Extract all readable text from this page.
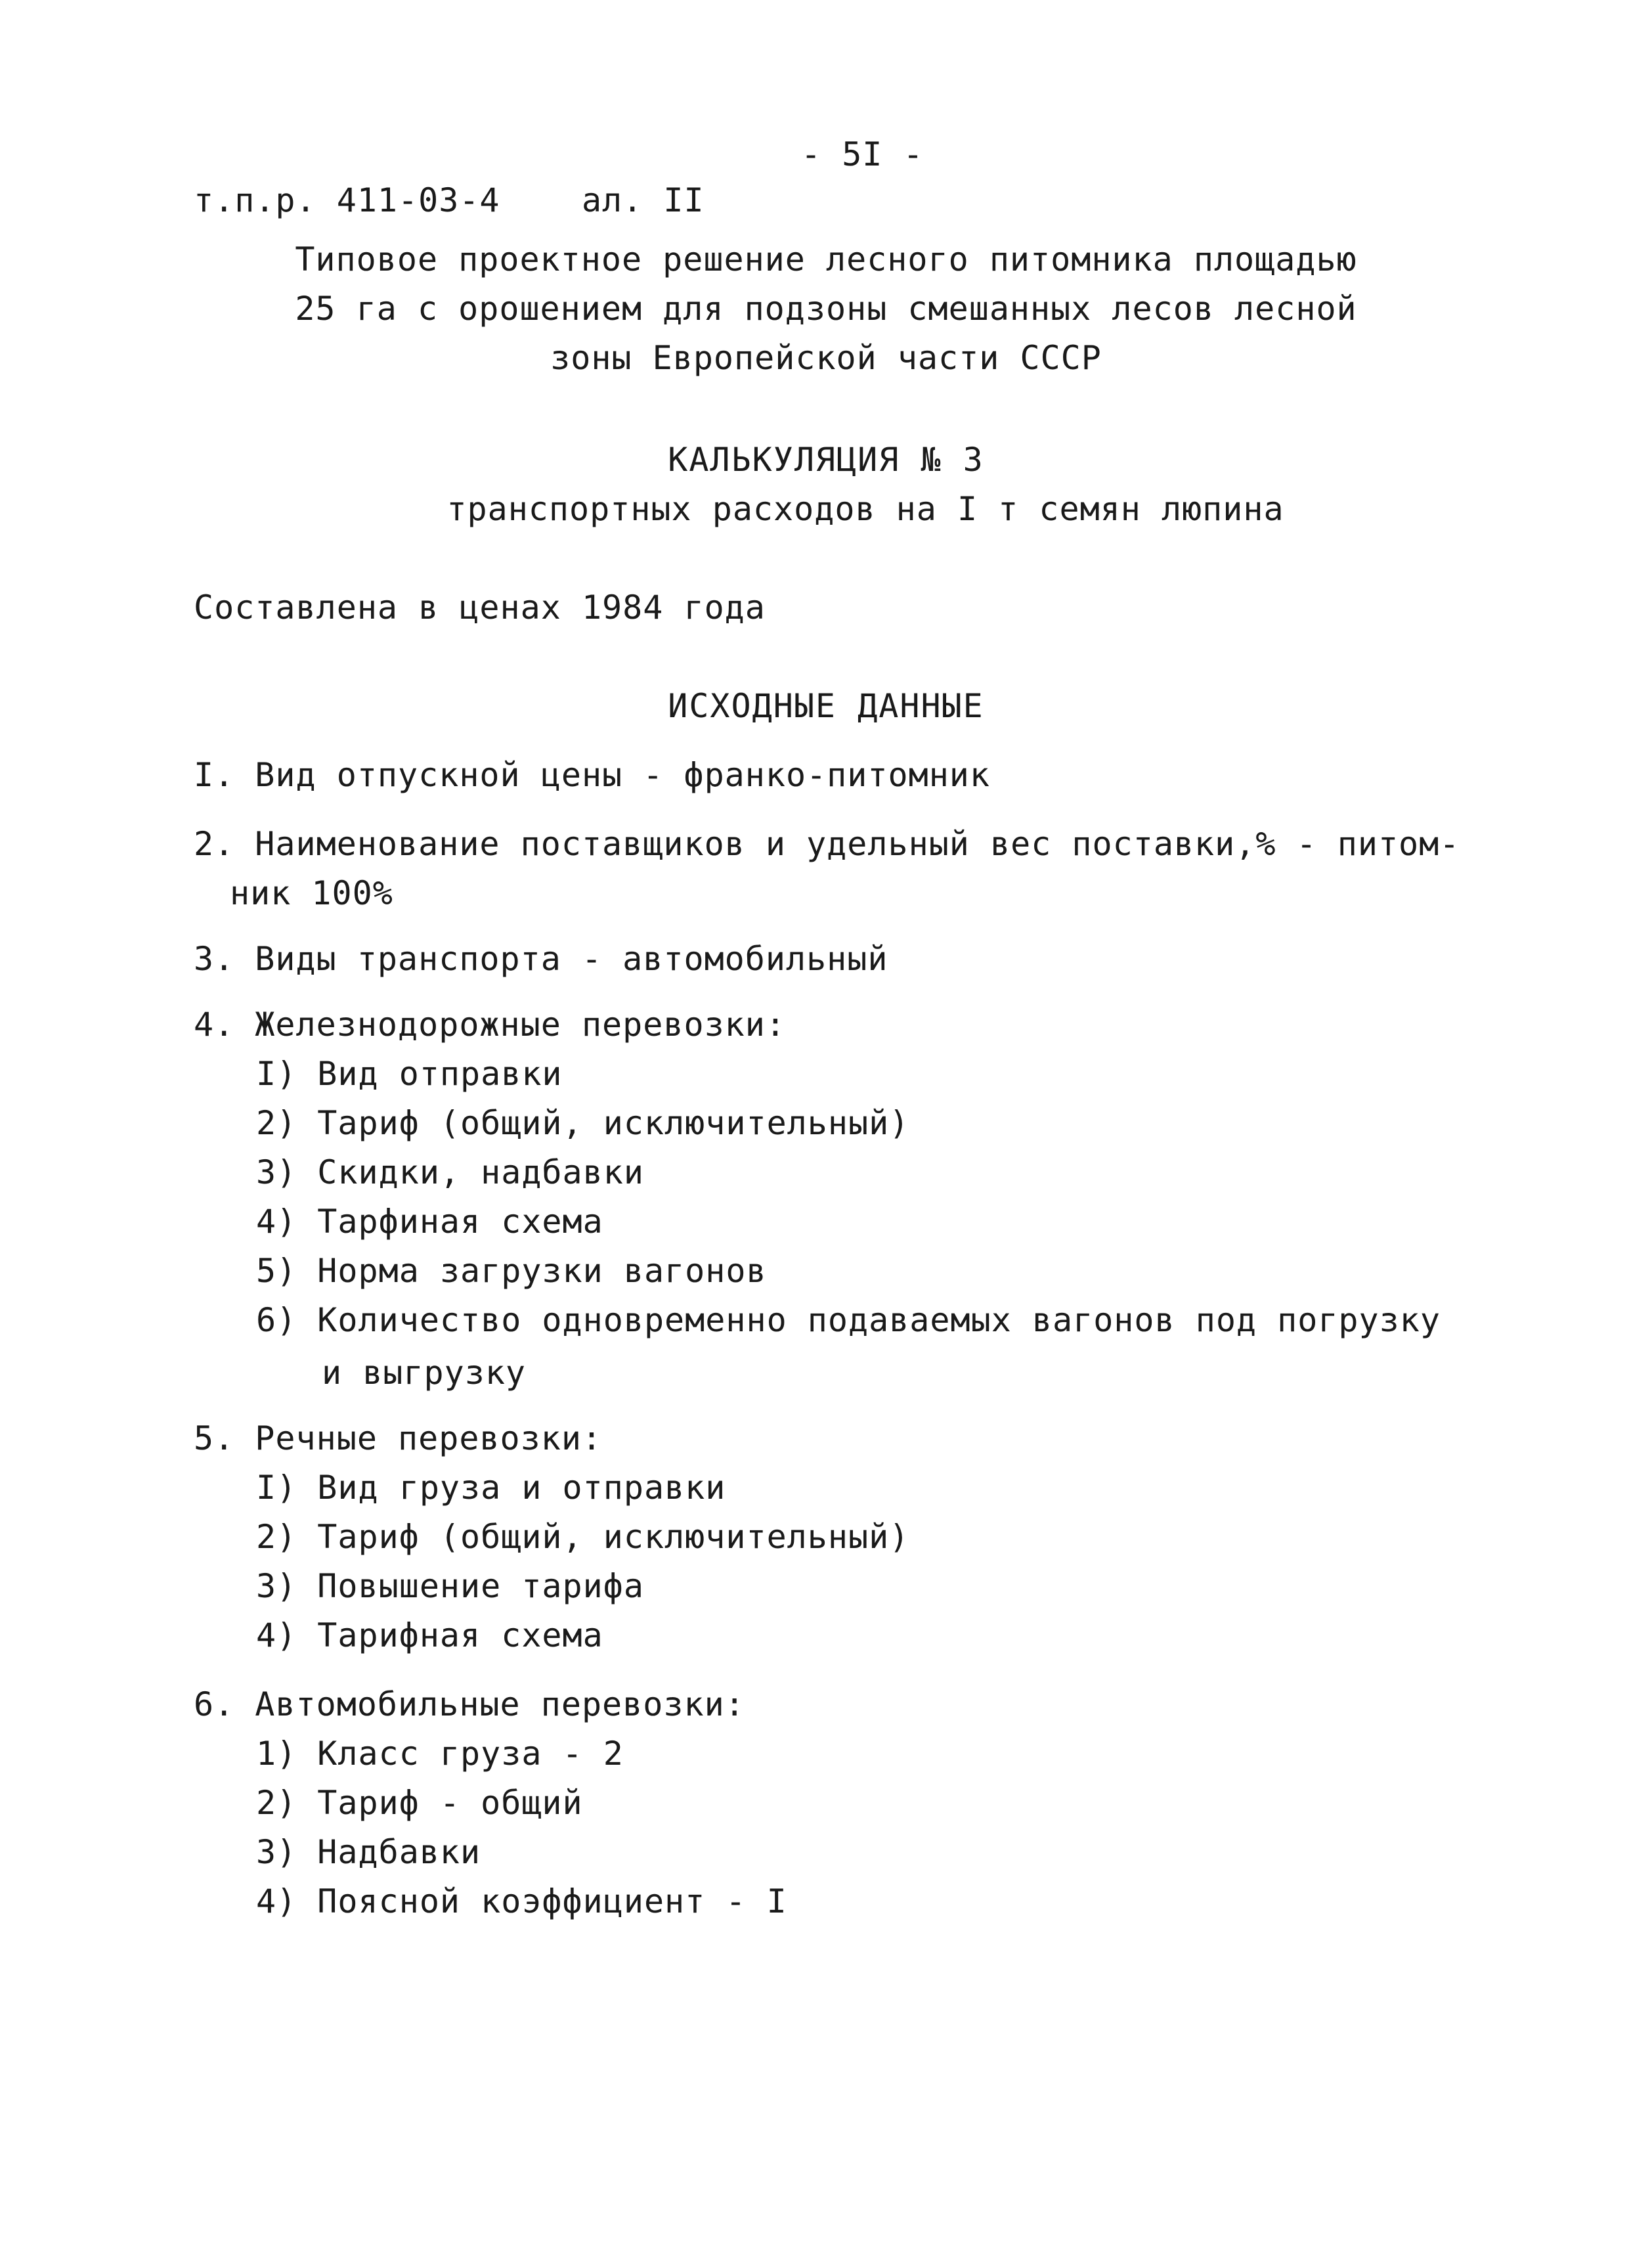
- 5I -
т.п.р. 411-03-4    ал. II
Типовое проектное решение лесного питомника площадью
25 га с орошением для подзоны смешанных лесов лесной
зоны Европейской части СССР
КАЛЬКУЛЯЦИЯ № 3
транспортных расходов на I т семян люпина
Составлена в ценах 1984 года
ИСХОДНЫЕ ДАННЫЕ
I. Вид отпускной цены - франко-питомник
2. Наименование поставщиков и удельный вес поставки,% - питом-
ник 100%
3. Виды транспорта - автомобильный
4. Железнодорожные перевозки:
I) Вид отправки
2) Тариф (общий, исключительный)
3) Скидки, надбавки
4) Тарфиная схема
5) Норма загрузки вагонов
6) Количество одновременно подаваемых вагонов под погрузку
и выгрузку
5. Речные перевозки:
I) Вид груза и отправки
2) Тариф (общий, исключительный)
3) Повышение тарифа
4) Тарифная схема
6. Автомобильные перевозки:
1) Класс груза - 2
2) Тариф - общий
3) Надбавки
4) Поясной коэффициент - I
